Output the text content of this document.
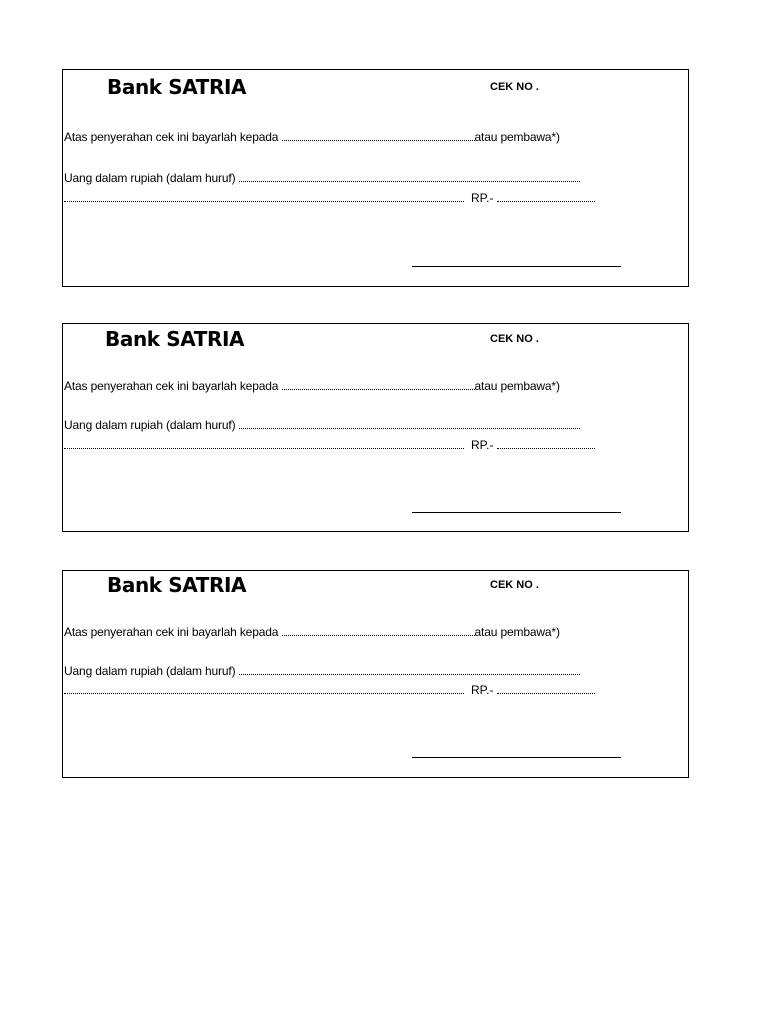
Bank SATRIA	CEK NO .
Atas penyerahan cek ini bayarlah kepada	atau pembawa*)
Uang dalam rupiah (dalam huruf)
RP.-
Bank SATRIA	CEK NO .
Atas penyerahan cek ini bayarlah kepada	atau pembawa*)
Uang dalam rupiah (dalam huruf)
RP.-
Bank SATRIA	CEK NO .
Atas penyerahan cek ini bayarlah kepada	atau pembawa*)
Uang dalam rupiah (dalam huruf)
RP.-
